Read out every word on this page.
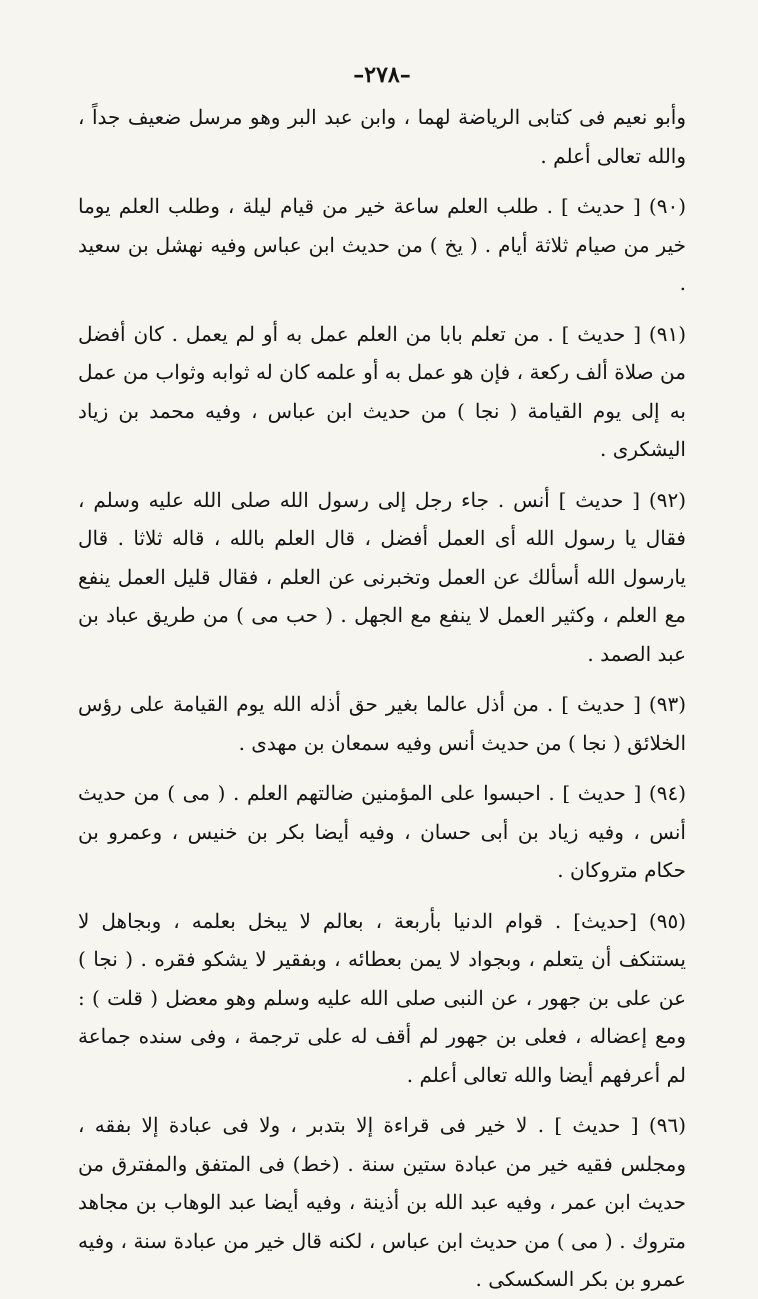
–٢٧٨–

وأبو نعيم فى كتابى الرياضة لهما ، وابن عبد البر وهو مرسل ضعيف جداً ، والله تعالى أعلم .

(٩٠) [ حديث ] . طلب العلم ساعة خير من قيام ليلة ، وطلب العلم يوما خير من صيام ثلاثة أيام . ( يخ ) من حديث ابن عباس وفيه نهشل بن سعيد .

(٩١) [ حديث ] . من تعلم بابا من العلم عمل به أو لم يعمل . كان أفضل من صلاة ألف ركعة ، فإن هو عمل به أو علمه كان له ثوابه وثواب من عمل به إلى يوم القيامة ( نجا ) من حديث ابن عباس ، وفيه محمد بن زياد اليشكرى .

(٩٢) [ حديث ] أنس . جاء رجل إلى رسول الله صلى الله عليه وسلم ، فقال يا رسول الله أى العمل أفضل ، قال العلم بالله ، قاله ثلاثا . قال يارسول الله أسألك عن العمل وتخبرنى عن العلم ، فقال قليل العمل ينفع مع العلم ، وكثير العمل لا ينفع مع الجهل . ( حب مى ) من طريق عباد بن عبد الصمد .

(٩٣) [ حديث ] . من أذل عالما بغير حق أذله الله يوم القيامة على رؤس الخلائق ( نجا ) من حديث أنس وفيه سمعان بن مهدى .

(٩٤) [ حديث ] . احبسوا على المؤمنين ضالتهم العلم . ( مى ) من حديث أنس ، وفيه زياد بن أبى حسان ، وفيه أيضا بكر بن خنيس ، وعمرو بن حكام متروكان .

(٩٥) [حديث] . قوام الدنيا بأربعة ، بعالم لا يبخل بعلمه ، وبجاهل لا يستنكف أن يتعلم ، وبجواد لا يمن بعطائه ، وبفقير لا يشكو فقره . ( نجا ) عن على بن جهور ، عن النبى صلى الله عليه وسلم وهو معضل ( قلت ) : ومع إعضاله ، فعلى بن جهور لم أقف له على ترجمة ، وفى سنده جماعة لم أعرفهم أيضا والله تعالى أعلم .

(٩٦) [ حديث ] . لا خير فى قراءة إلا بتدبر ، ولا فى عبادة إلا بفقه ، ومجلس فقيه خير من عبادة ستين سنة . (خط) فى المتفق والمفترق من حديث ابن عمر ، وفيه عبد الله بن أذينة ، وفيه أيضا عبد الوهاب بن مجاهد متروك . ( مى ) من حديث ابن عباس ، لكنه قال خير من عبادة سنة ، وفيه عمرو بن بكر السكسكى .
